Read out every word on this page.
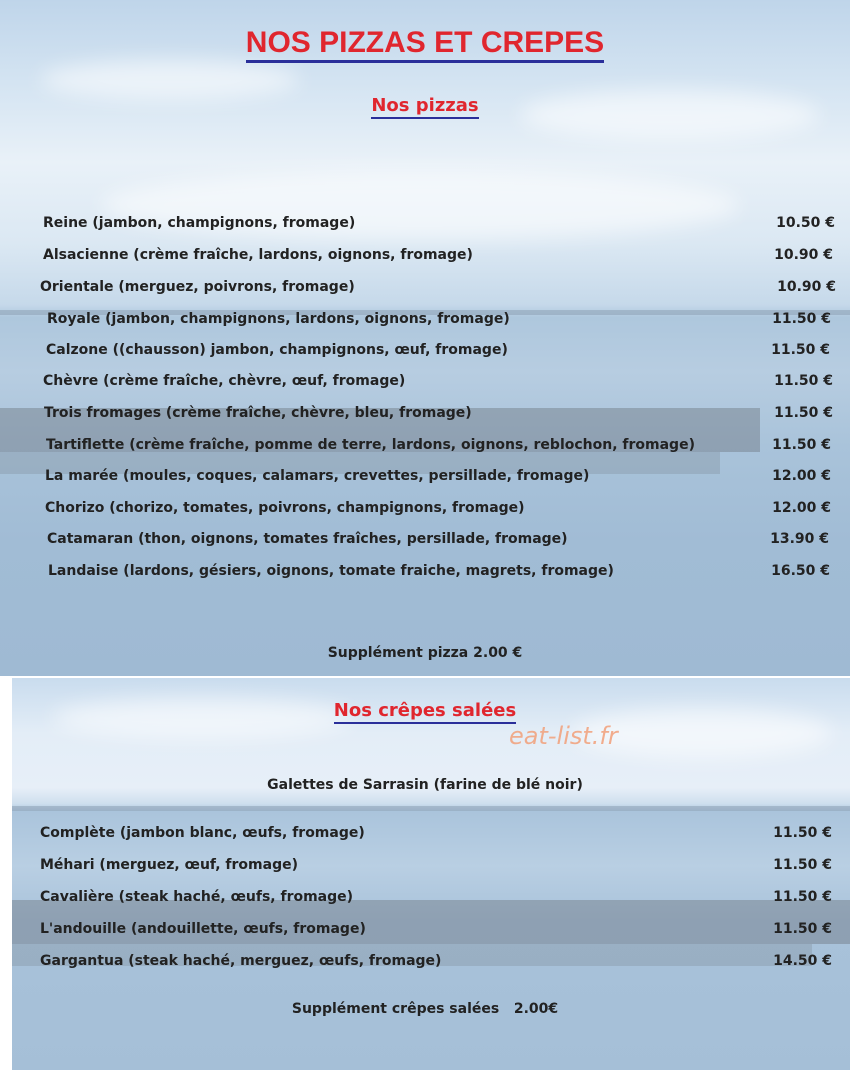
NOS PIZZAS ET CREPES
Nos pizzas
Reine (jambon, champignons, fromage)	10.50 €
Alsacienne (crème fraîche, lardons, oignons, fromage)	10.90 €
Orientale (merguez, poivrons, fromage)	10.90 €
Royale (jambon, champignons, lardons, oignons, fromage)	11.50 €
Calzone ((chausson) jambon, champignons, œuf, fromage)	11.50 €
Chèvre (crème fraîche, chèvre, œuf, fromage)	11.50 €
Trois fromages (crème fraîche, chèvre, bleu, fromage)	11.50 €
Tartiflette (crème fraîche, pomme de terre, lardons, oignons, reblochon, fromage)	11.50 €
La marée (moules, coques, calamars, crevettes, persillade, fromage)	12.00 €
Chorizo (chorizo, tomates, poivrons, champignons, fromage)	12.00 €
Catamaran (thon, oignons, tomates fraîches, persillade, fromage)	13.90 €
Landaise (lardons, gésiers, oignons, tomate fraiche, magrets, fromage)	16.50 €
Supplément pizza 2.00 €
Nos crêpes salées
eat-list.fr
Galettes de Sarrasin (farine de blé noir)
Complète (jambon blanc, œufs, fromage)	11.50 €
Méhari (merguez, œuf, fromage)	11.50 €
Cavalière (steak haché, œufs, fromage)	11.50 €
L'andouille (andouillette, œufs, fromage)	11.50 €
Gargantua (steak haché, merguez, œufs, fromage)	14.50 €
Supplément crêpes salées   2.00€
